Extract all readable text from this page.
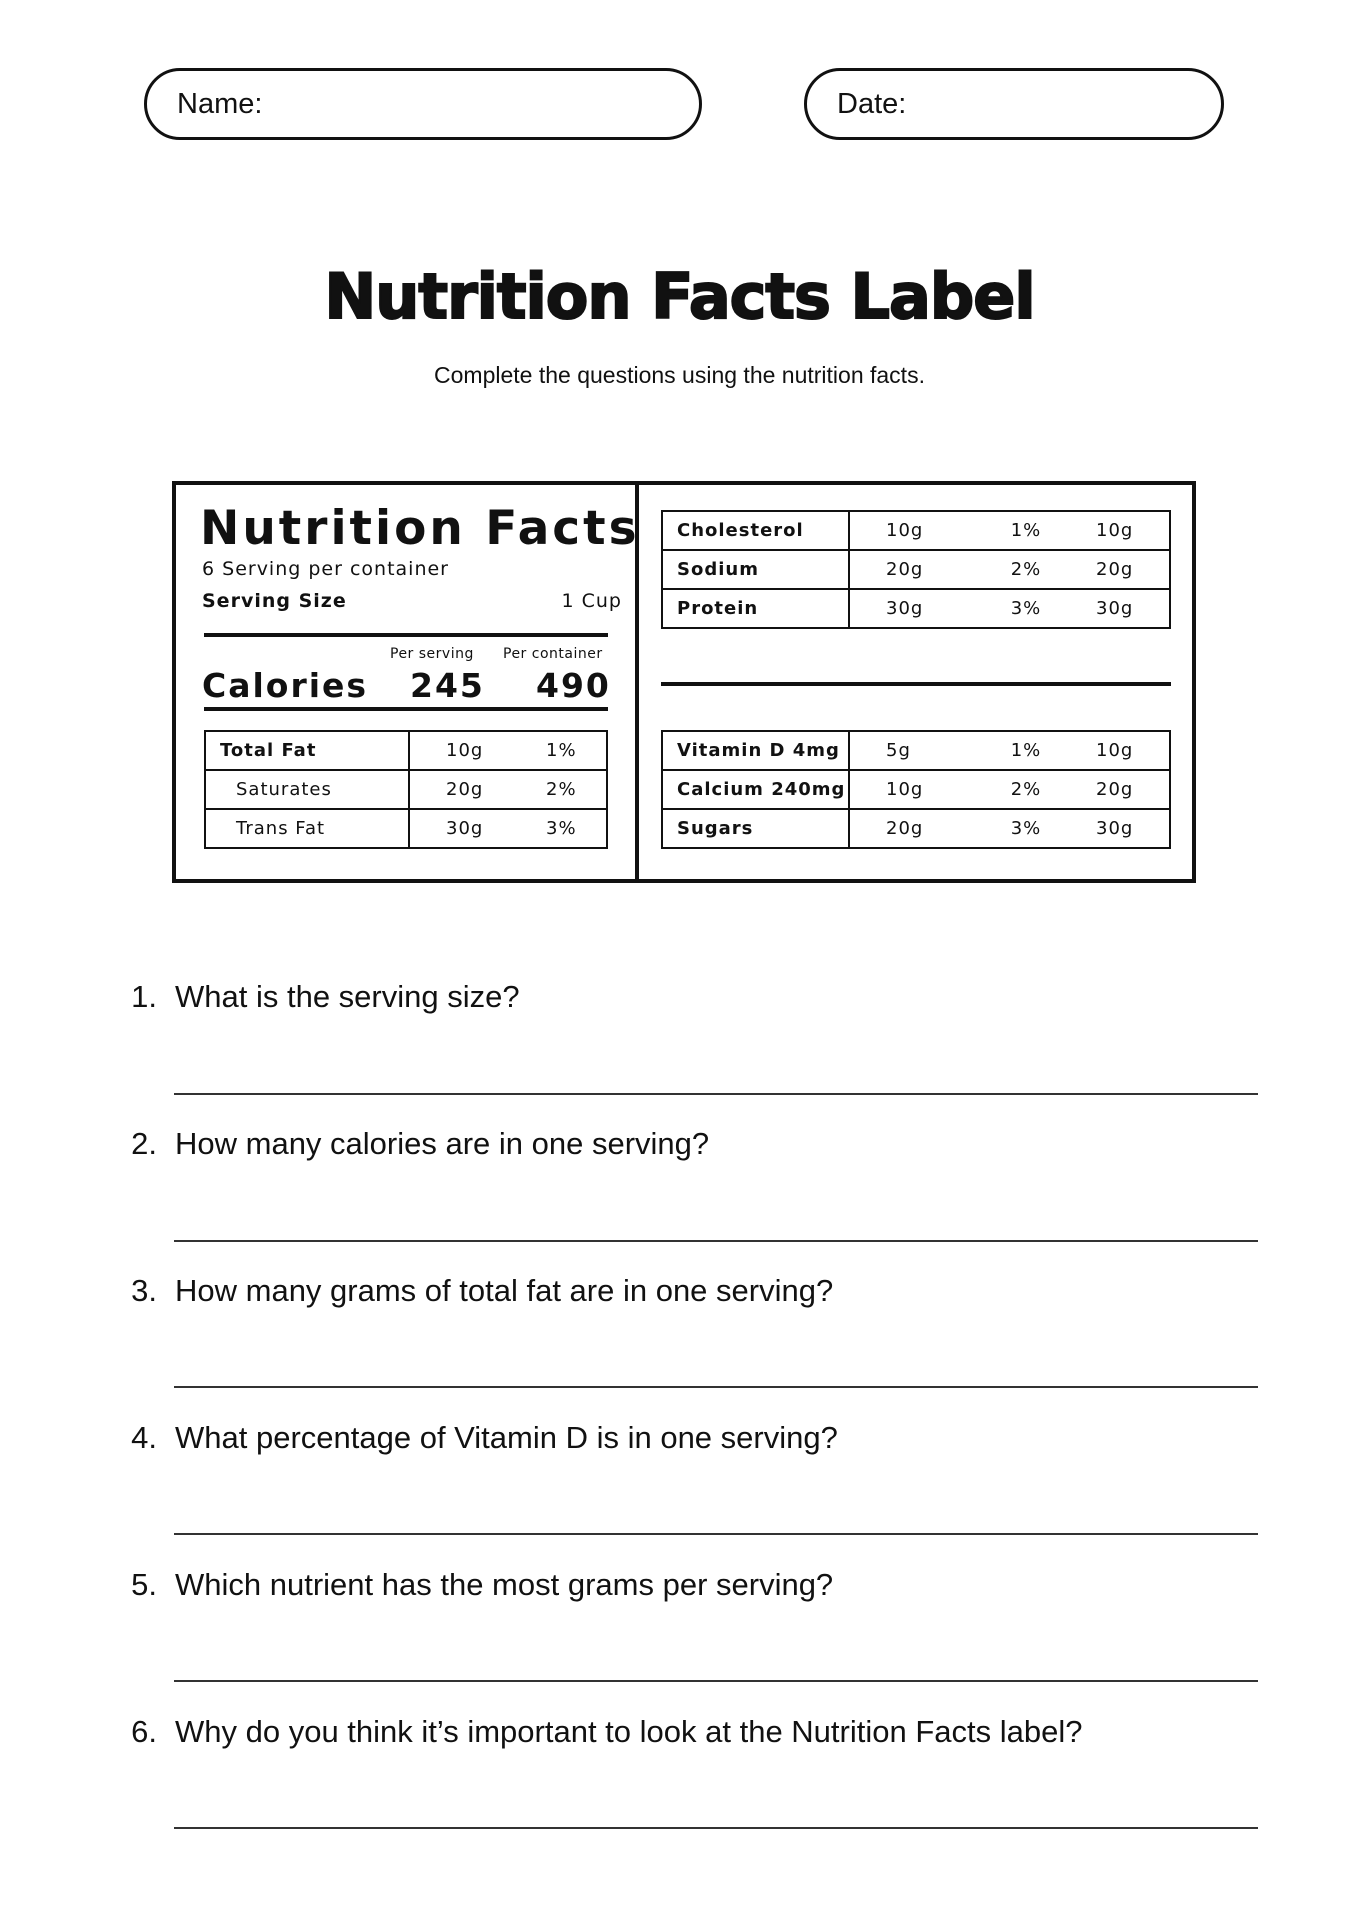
Name:	Date:
Nutrition Facts Label
Complete the questions using the nutrition facts.
Nutrition Facts
6 Serving per container
Serving Size	1 Cup
Per serving Per container
Calories 245 490
Total Fat	10g	1%
Saturates	20g	2%
Trans Fat	30g	3%
Cholesterol	10g	1%	10g
Sodium	20g	2%	20g
Protein	30g	3%	30g
Vitamin D 4mg	5g	1%	10g
Calcium 240mg	10g	2%	20g
Sugars	20g	3%	30g
1. What is the serving size?
2. How many calories are in one serving?
3. How many grams of total fat are in one serving?
4. What percentage of Vitamin D is in one serving?
5. Which nutrient has the most grams per serving?
6. Why do you think it’s important to look at the Nutrition Facts label?
